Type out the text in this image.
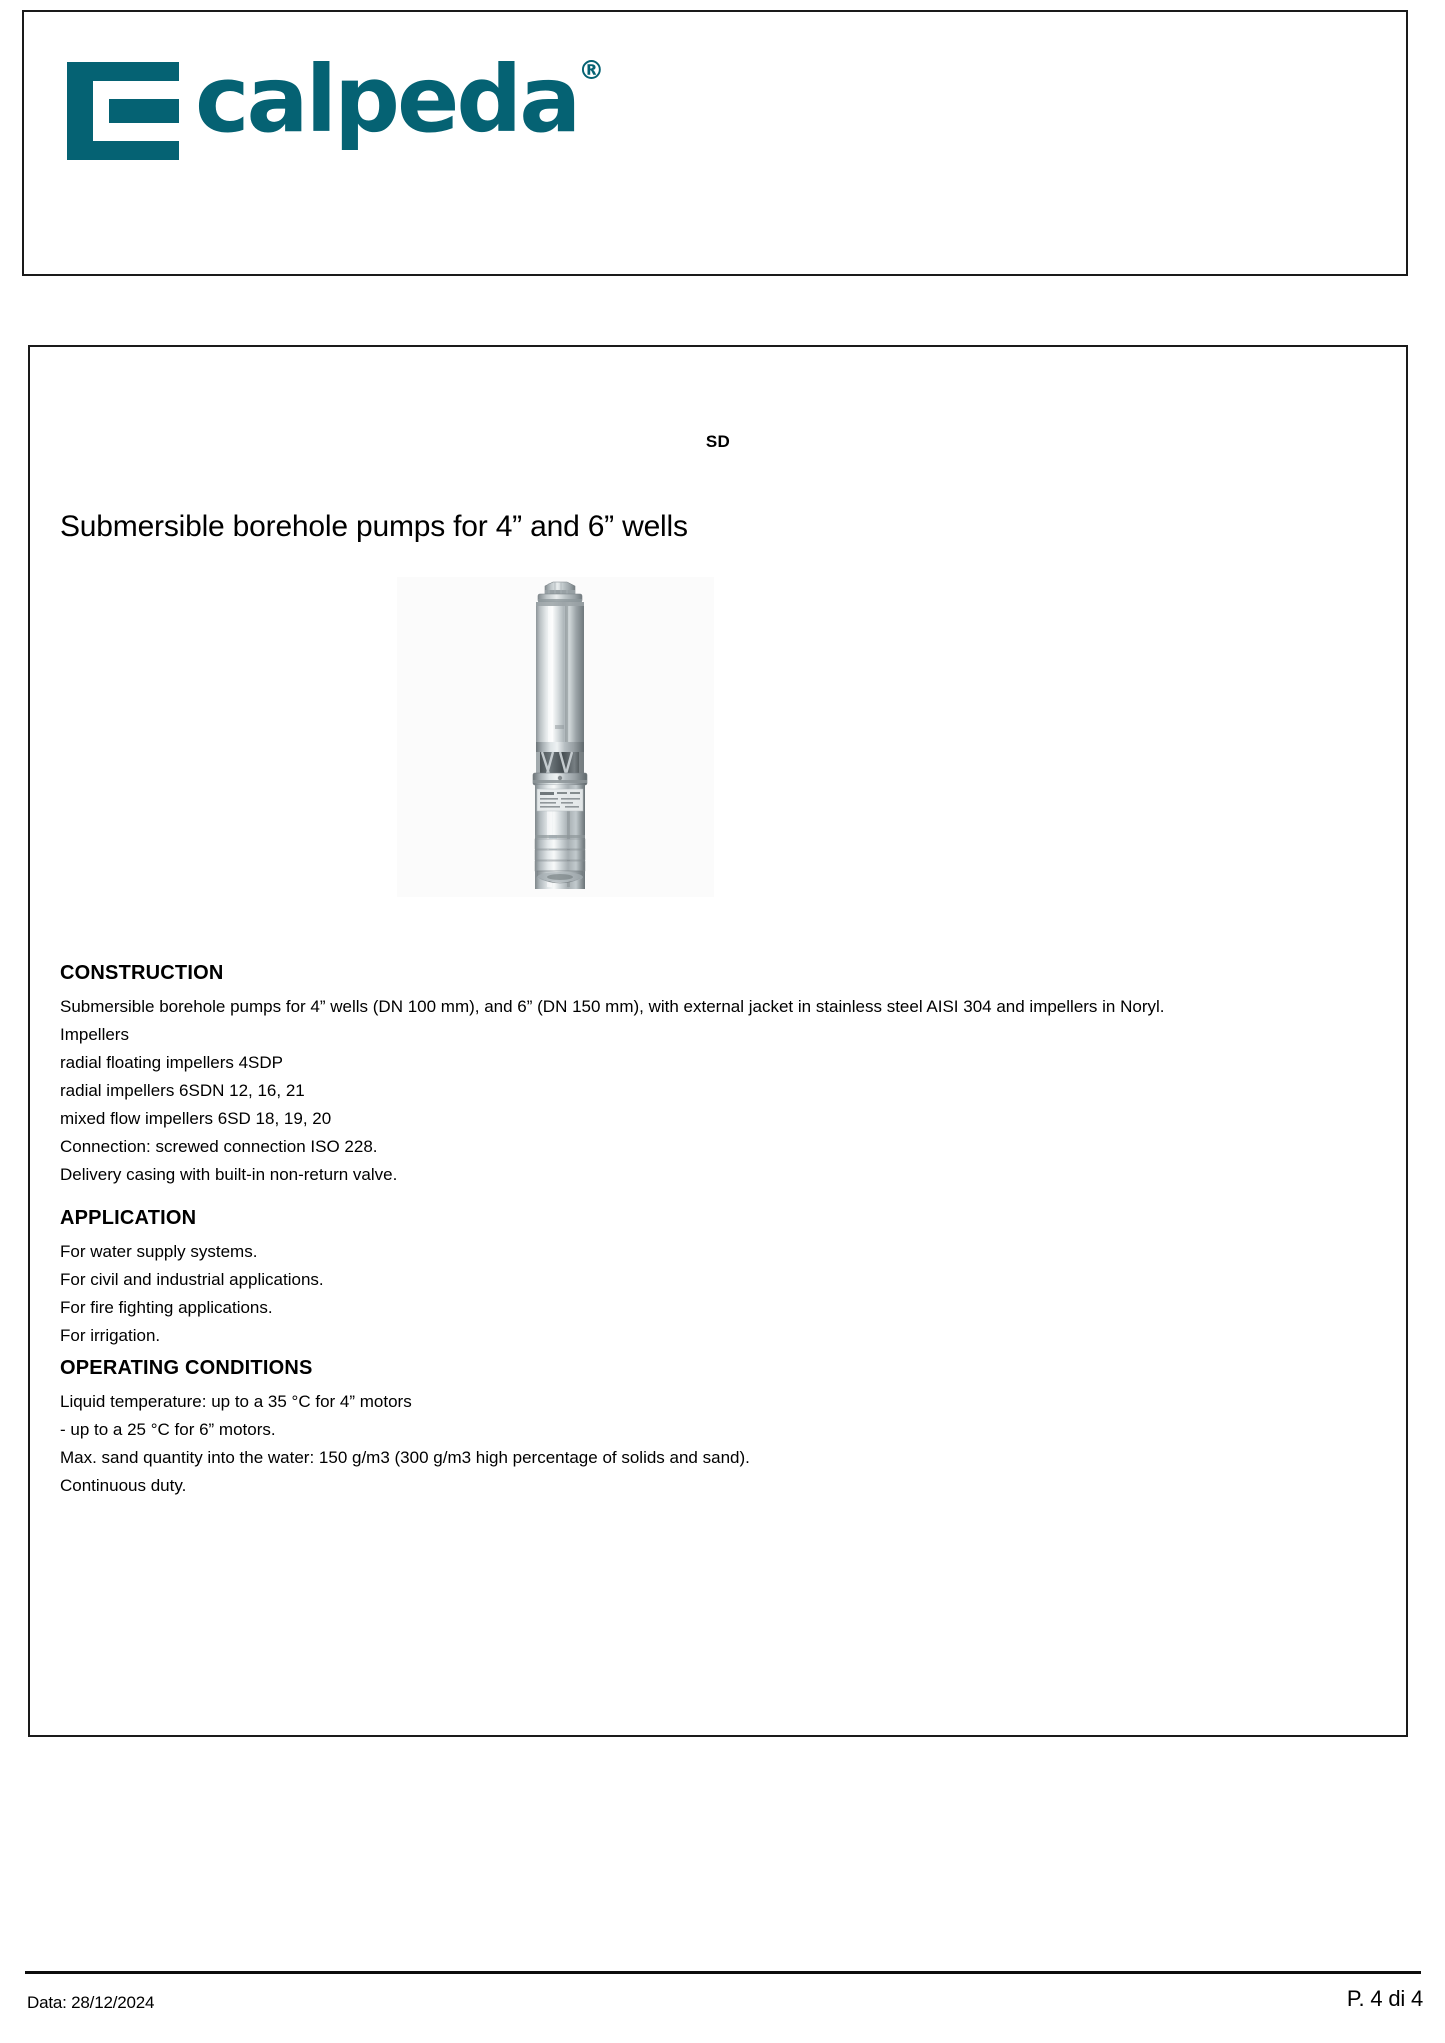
calpeda ®
SD
Submersible borehole pumps for 4” and 6” wells
CONSTRUCTION

Submersible borehole pumps for 4” wells (DN 100 mm), and 6” (DN 150 mm), with external jacket in stainless steel AISI 304 and impellers in Noryl.

Impellers

radial floating impellers 4SDP

radial impellers 6SDN 12, 16, 21

mixed flow impellers 6SD 18, 19, 20

Connection: screwed connection ISO 228.

Delivery casing with built-in non-return valve.

APPLICATION

For water supply systems.

For civil and industrial applications.

For fire fighting applications.

For irrigation.

OPERATING CONDITIONS

Liquid temperature: up to a 35 °C for 4” motors

- up to a 25 °C for 6” motors.

Max. sand quantity into the water: 150 g/m3 (300 g/m3 high percentage of solids and sand).

Continuous duty.

Data: 28/12/2024	P. 4 di 4
